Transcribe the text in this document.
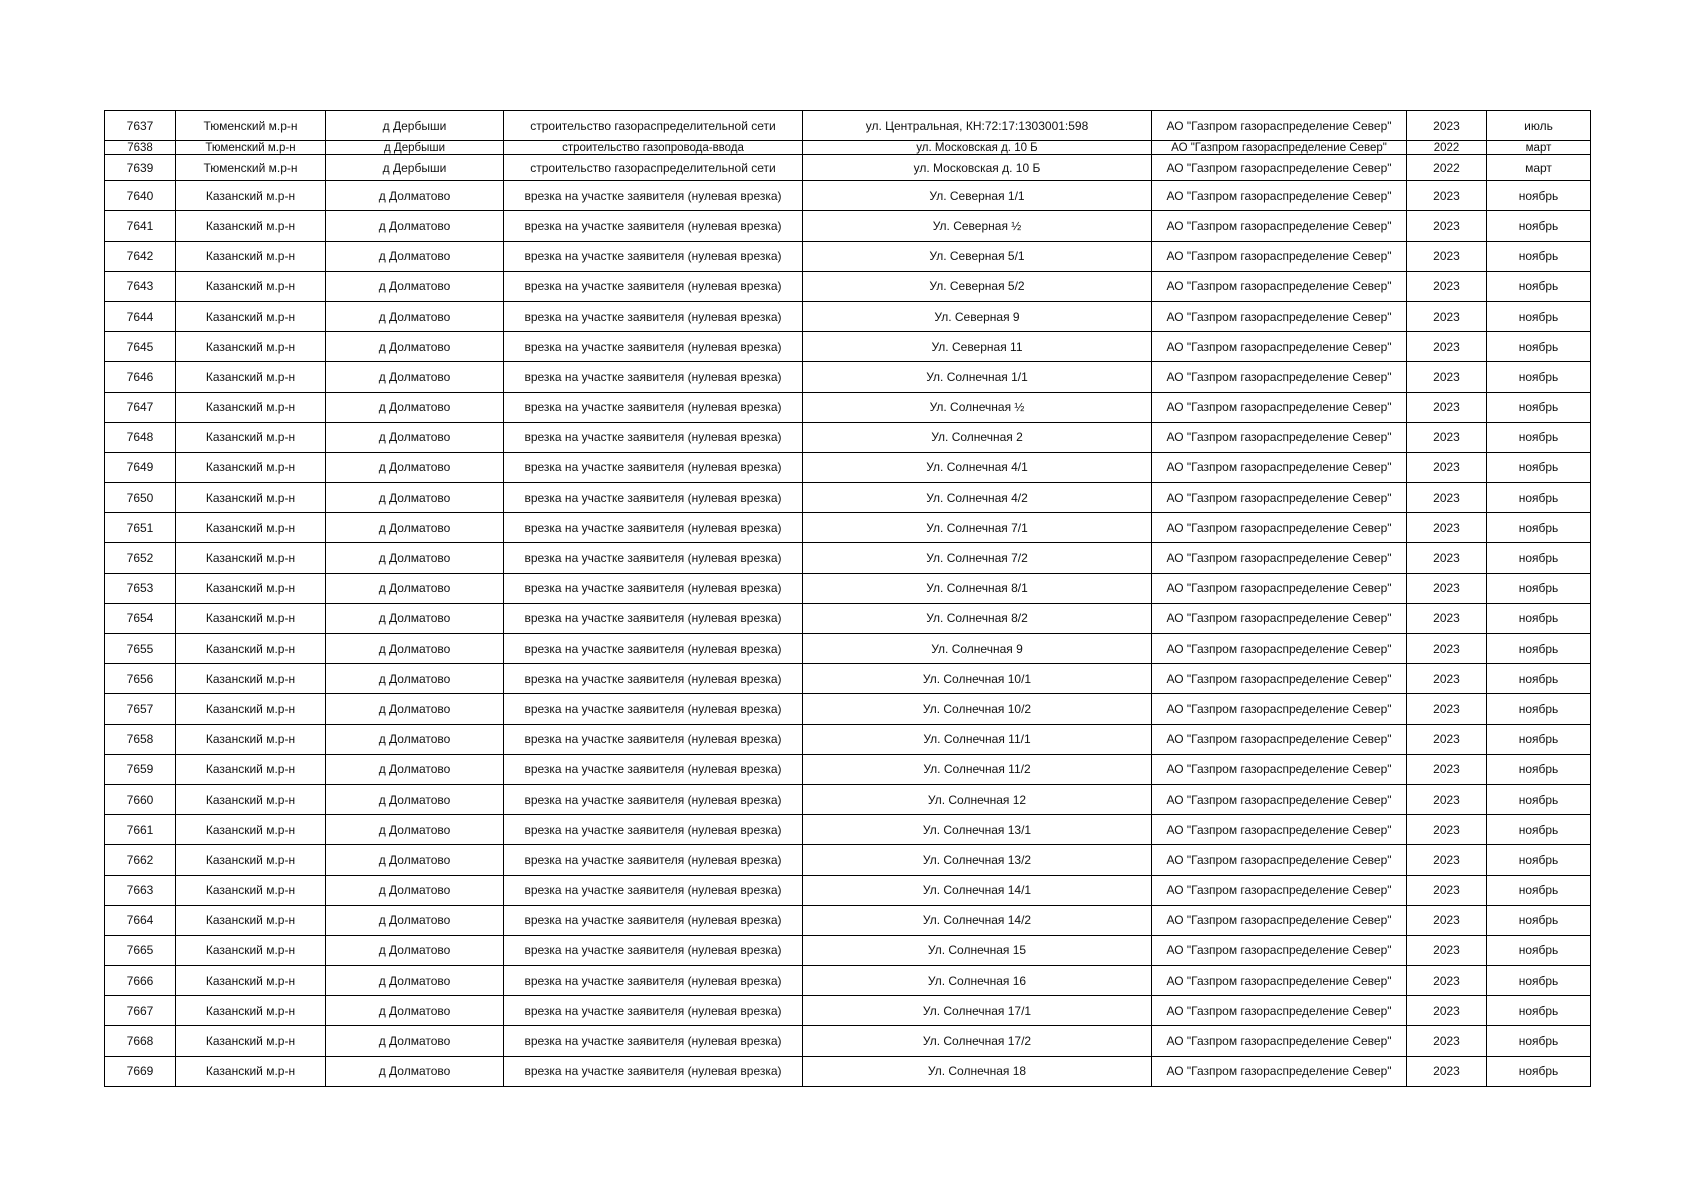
7637	Тюменский м.р-н	д Дербыши	строительство газораспределительной сети	ул. Центральная, КН:72:17:1303001:598	АО "Газпром газораспределение Север"	2023	июль
7638	Тюменский м.р-н	д Дербыши	строительство газопровода-ввода	ул. Московская д. 10 Б	АО "Газпром газораспределение Север"	2022	март
7639	Тюменский м.р-н	д Дербыши	строительство газораспределительной сети	ул. Московская д. 10 Б	АО "Газпром газораспределение Север"	2022	март
7640	Казанский м.р-н	д Долматово	врезка на участке заявителя (нулевая врезка)	Ул. Северная 1/1	АО "Газпром газораспределение Север"	2023	ноябрь
7641	Казанский м.р-н	д Долматово	врезка на участке заявителя (нулевая врезка)	Ул. Северная ½	АО "Газпром газораспределение Север"	2023	ноябрь
7642	Казанский м.р-н	д Долматово	врезка на участке заявителя (нулевая врезка)	Ул. Северная 5/1	АО "Газпром газораспределение Север"	2023	ноябрь
7643	Казанский м.р-н	д Долматово	врезка на участке заявителя (нулевая врезка)	Ул. Северная 5/2	АО "Газпром газораспределение Север"	2023	ноябрь
7644	Казанский м.р-н	д Долматово	врезка на участке заявителя (нулевая врезка)	Ул. Северная 9	АО "Газпром газораспределение Север"	2023	ноябрь
7645	Казанский м.р-н	д Долматово	врезка на участке заявителя (нулевая врезка)	Ул. Северная 11	АО "Газпром газораспределение Север"	2023	ноябрь
7646	Казанский м.р-н	д Долматово	врезка на участке заявителя (нулевая врезка)	Ул. Солнечная 1/1	АО "Газпром газораспределение Север"	2023	ноябрь
7647	Казанский м.р-н	д Долматово	врезка на участке заявителя (нулевая врезка)	Ул. Солнечная ½	АО "Газпром газораспределение Север"	2023	ноябрь
7648	Казанский м.р-н	д Долматово	врезка на участке заявителя (нулевая врезка)	Ул. Солнечная 2	АО "Газпром газораспределение Север"	2023	ноябрь
7649	Казанский м.р-н	д Долматово	врезка на участке заявителя (нулевая врезка)	Ул. Солнечная 4/1	АО "Газпром газораспределение Север"	2023	ноябрь
7650	Казанский м.р-н	д Долматово	врезка на участке заявителя (нулевая врезка)	Ул. Солнечная 4/2	АО "Газпром газораспределение Север"	2023	ноябрь
7651	Казанский м.р-н	д Долматово	врезка на участке заявителя (нулевая врезка)	Ул. Солнечная 7/1	АО "Газпром газораспределение Север"	2023	ноябрь
7652	Казанский м.р-н	д Долматово	врезка на участке заявителя (нулевая врезка)	Ул. Солнечная 7/2	АО "Газпром газораспределение Север"	2023	ноябрь
7653	Казанский м.р-н	д Долматово	врезка на участке заявителя (нулевая врезка)	Ул. Солнечная 8/1	АО "Газпром газораспределение Север"	2023	ноябрь
7654	Казанский м.р-н	д Долматово	врезка на участке заявителя (нулевая врезка)	Ул. Солнечная 8/2	АО "Газпром газораспределение Север"	2023	ноябрь
7655	Казанский м.р-н	д Долматово	врезка на участке заявителя (нулевая врезка)	Ул. Солнечная 9	АО "Газпром газораспределение Север"	2023	ноябрь
7656	Казанский м.р-н	д Долматово	врезка на участке заявителя (нулевая врезка)	Ул. Солнечная 10/1	АО "Газпром газораспределение Север"	2023	ноябрь
7657	Казанский м.р-н	д Долматово	врезка на участке заявителя (нулевая врезка)	Ул. Солнечная 10/2	АО "Газпром газораспределение Север"	2023	ноябрь
7658	Казанский м.р-н	д Долматово	врезка на участке заявителя (нулевая врезка)	Ул. Солнечная 11/1	АО "Газпром газораспределение Север"	2023	ноябрь
7659	Казанский м.р-н	д Долматово	врезка на участке заявителя (нулевая врезка)	Ул. Солнечная 11/2	АО "Газпром газораспределение Север"	2023	ноябрь
7660	Казанский м.р-н	д Долматово	врезка на участке заявителя (нулевая врезка)	Ул. Солнечная 12	АО "Газпром газораспределение Север"	2023	ноябрь
7661	Казанский м.р-н	д Долматово	врезка на участке заявителя (нулевая врезка)	Ул. Солнечная 13/1	АО "Газпром газораспределение Север"	2023	ноябрь
7662	Казанский м.р-н	д Долматово	врезка на участке заявителя (нулевая врезка)	Ул. Солнечная 13/2	АО "Газпром газораспределение Север"	2023	ноябрь
7663	Казанский м.р-н	д Долматово	врезка на участке заявителя (нулевая врезка)	Ул. Солнечная 14/1	АО "Газпром газораспределение Север"	2023	ноябрь
7664	Казанский м.р-н	д Долматово	врезка на участке заявителя (нулевая врезка)	Ул. Солнечная 14/2	АО "Газпром газораспределение Север"	2023	ноябрь
7665	Казанский м.р-н	д Долматово	врезка на участке заявителя (нулевая врезка)	Ул. Солнечная 15	АО "Газпром газораспределение Север"	2023	ноябрь
7666	Казанский м.р-н	д Долматово	врезка на участке заявителя (нулевая врезка)	Ул. Солнечная 16	АО "Газпром газораспределение Север"	2023	ноябрь
7667	Казанский м.р-н	д Долматово	врезка на участке заявителя (нулевая врезка)	Ул. Солнечная 17/1	АО "Газпром газораспределение Север"	2023	ноябрь
7668	Казанский м.р-н	д Долматово	врезка на участке заявителя (нулевая врезка)	Ул. Солнечная 17/2	АО "Газпром газораспределение Север"	2023	ноябрь
7669	Казанский м.р-н	д Долматово	врезка на участке заявителя (нулевая врезка)	Ул. Солнечная 18	АО "Газпром газораспределение Север"	2023	ноябрь
